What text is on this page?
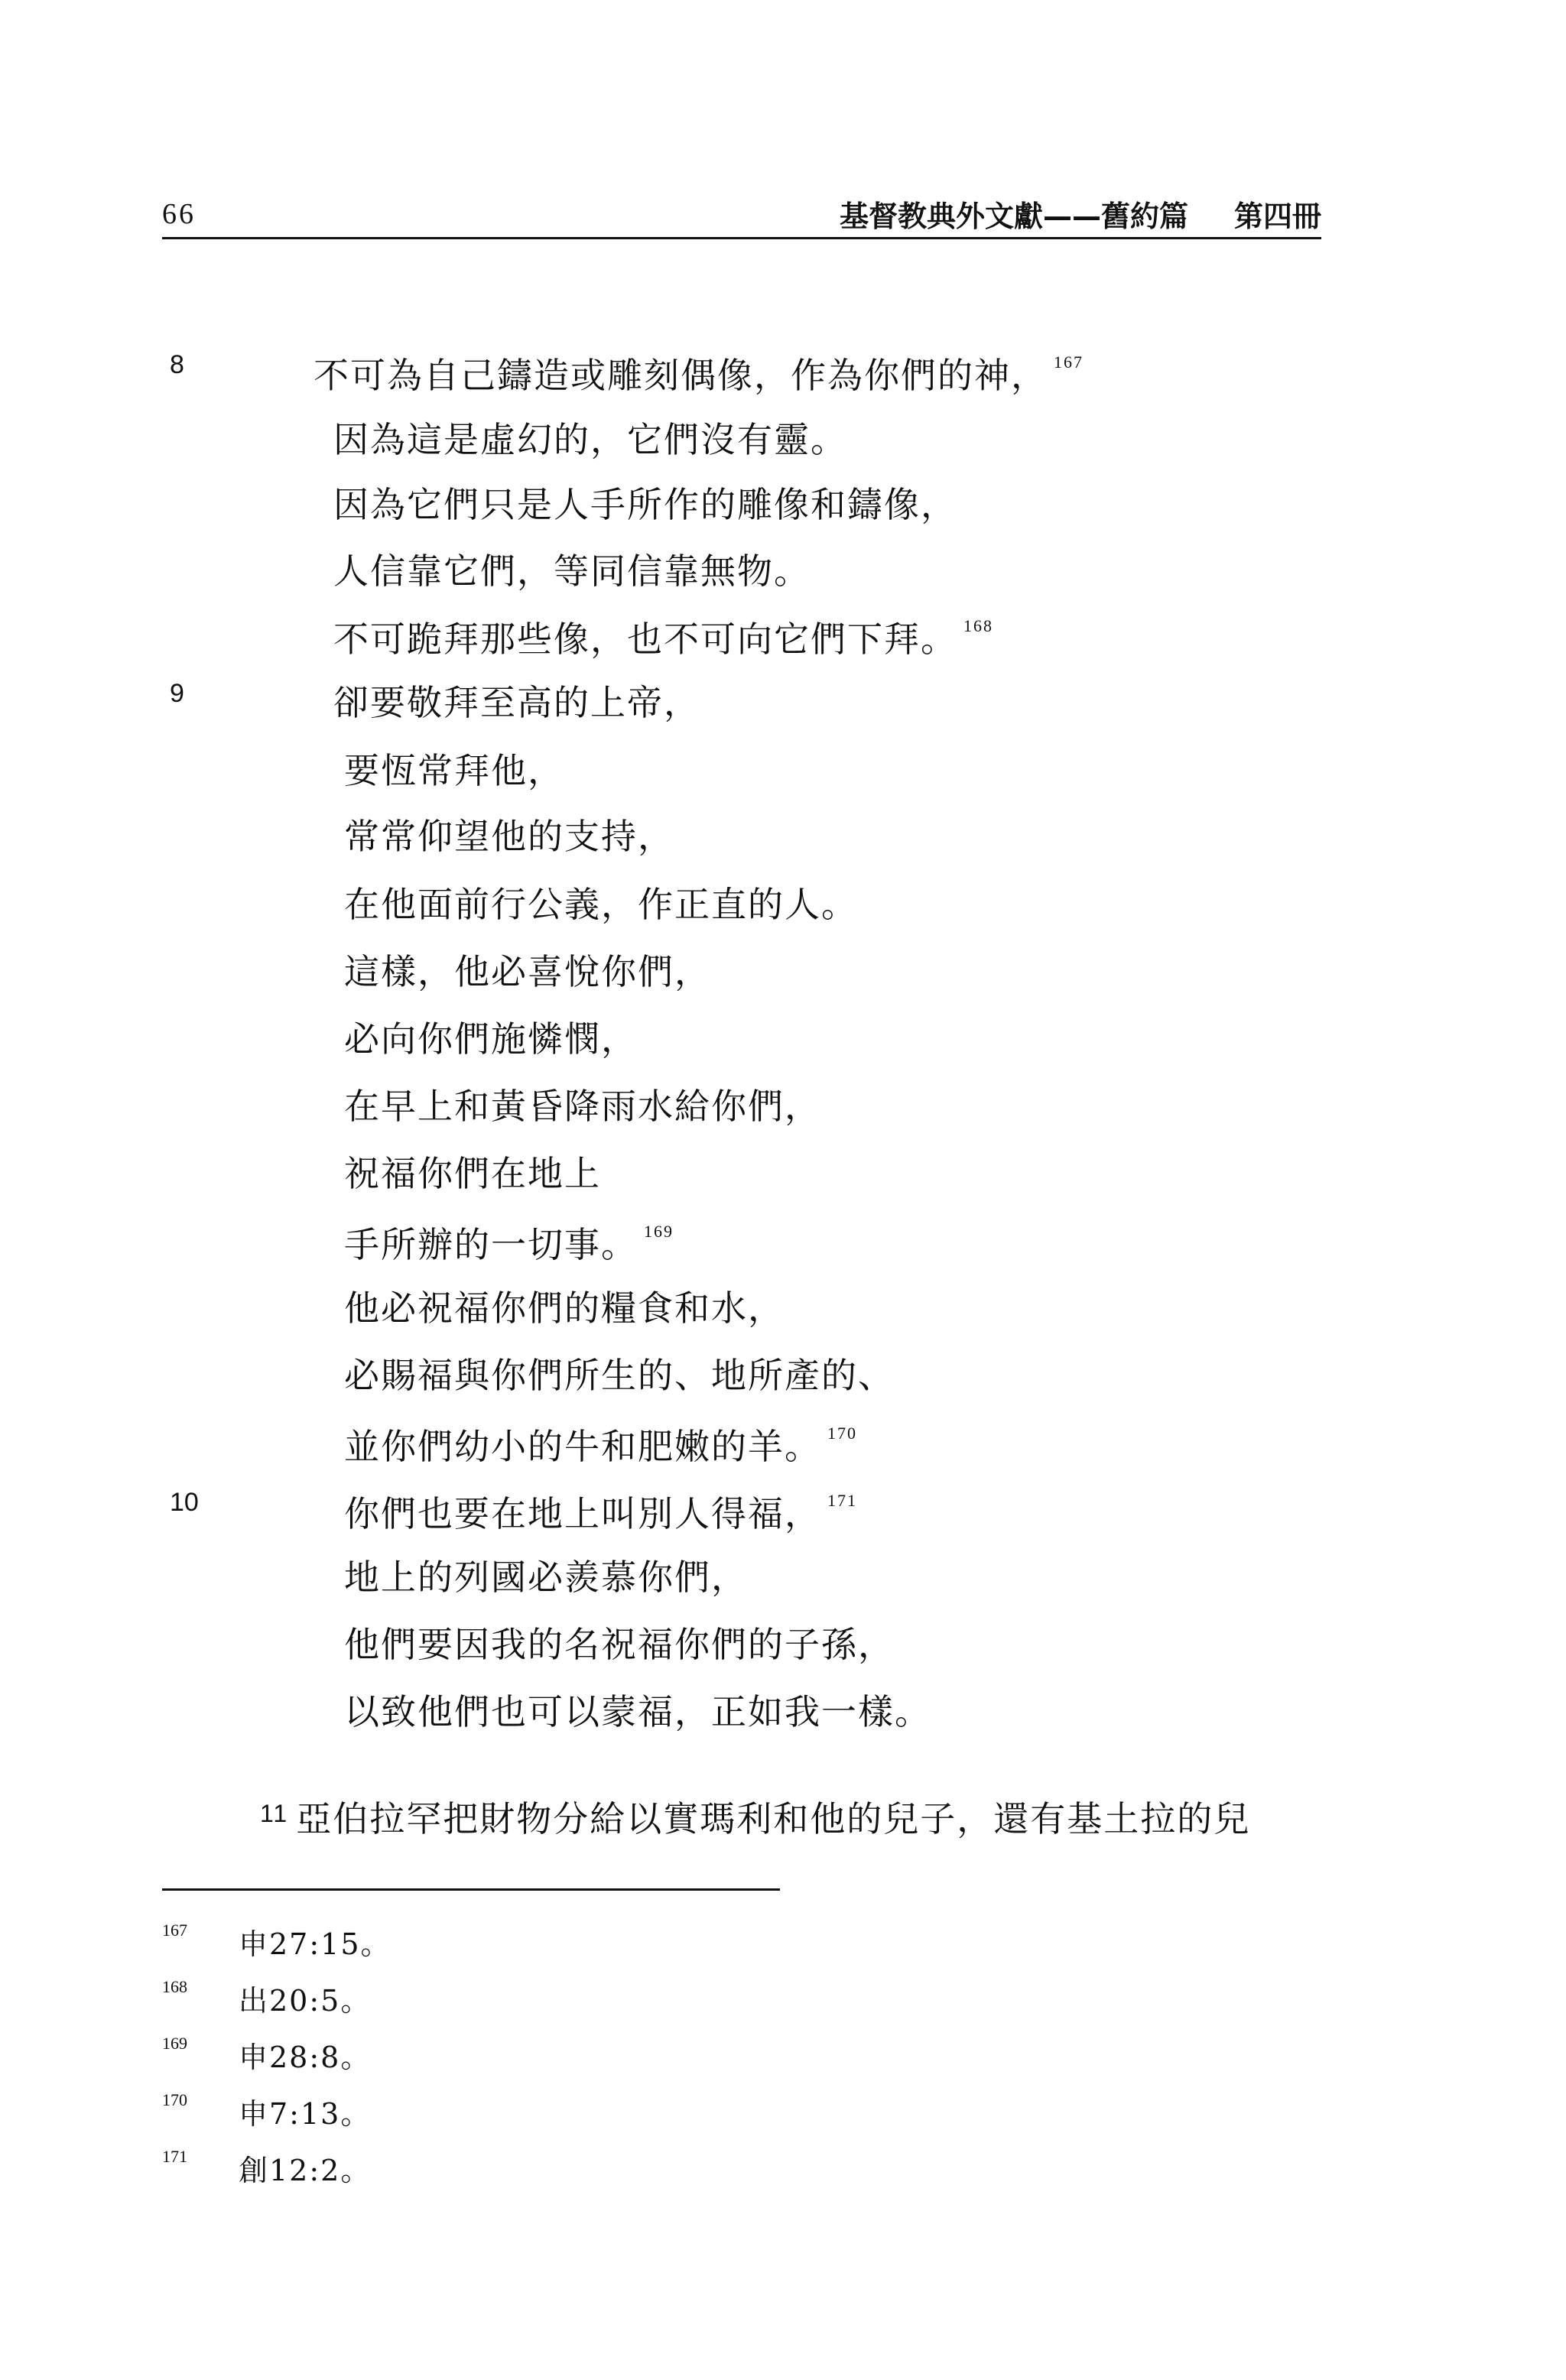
66	基督教典外文獻——舊約篇 第四冊
8
9
10
不可為自己鑄造或雕刻偶像，作為你們的神， $^{167}$
因為這是虛幻的，它們沒有靈。
因為它們只是人手所作的雕像和鑄像，
人信靠它們，等同信靠無物。
不可跪拜那些像，也不可向它們下拜。 $^{168}$
卻要敬拜至高的上帝，
要恆常拜他，
常常仰望他的支持，
在他面前行公義，作正直的人。
這樣，他必喜悅你們，
必向你們施憐憫，
在早上和黃昏降雨水給你們，
祝福你們在地上
手所辦的一切事。 $^{169}$
他必祝福你們的糧食和水，
必賜福與你們所生的、地所產的、
並你們幼小的牛和肥嫩的羊。 $^{170}$
你們也要在地上叫別人得福， $^{171}$
地上的列國必羨慕你們，
他們要因我的名祝福你們的子孫，
以致他們也可以蒙福，正如我一樣。
$^{11}$ 亞伯拉罕把財物分給以實瑪利和他的兒子，還有基土拉的兒
167 申27:15。
168 出20:5。
169 申28:8。
170 申7:13。
171 創12:2。
